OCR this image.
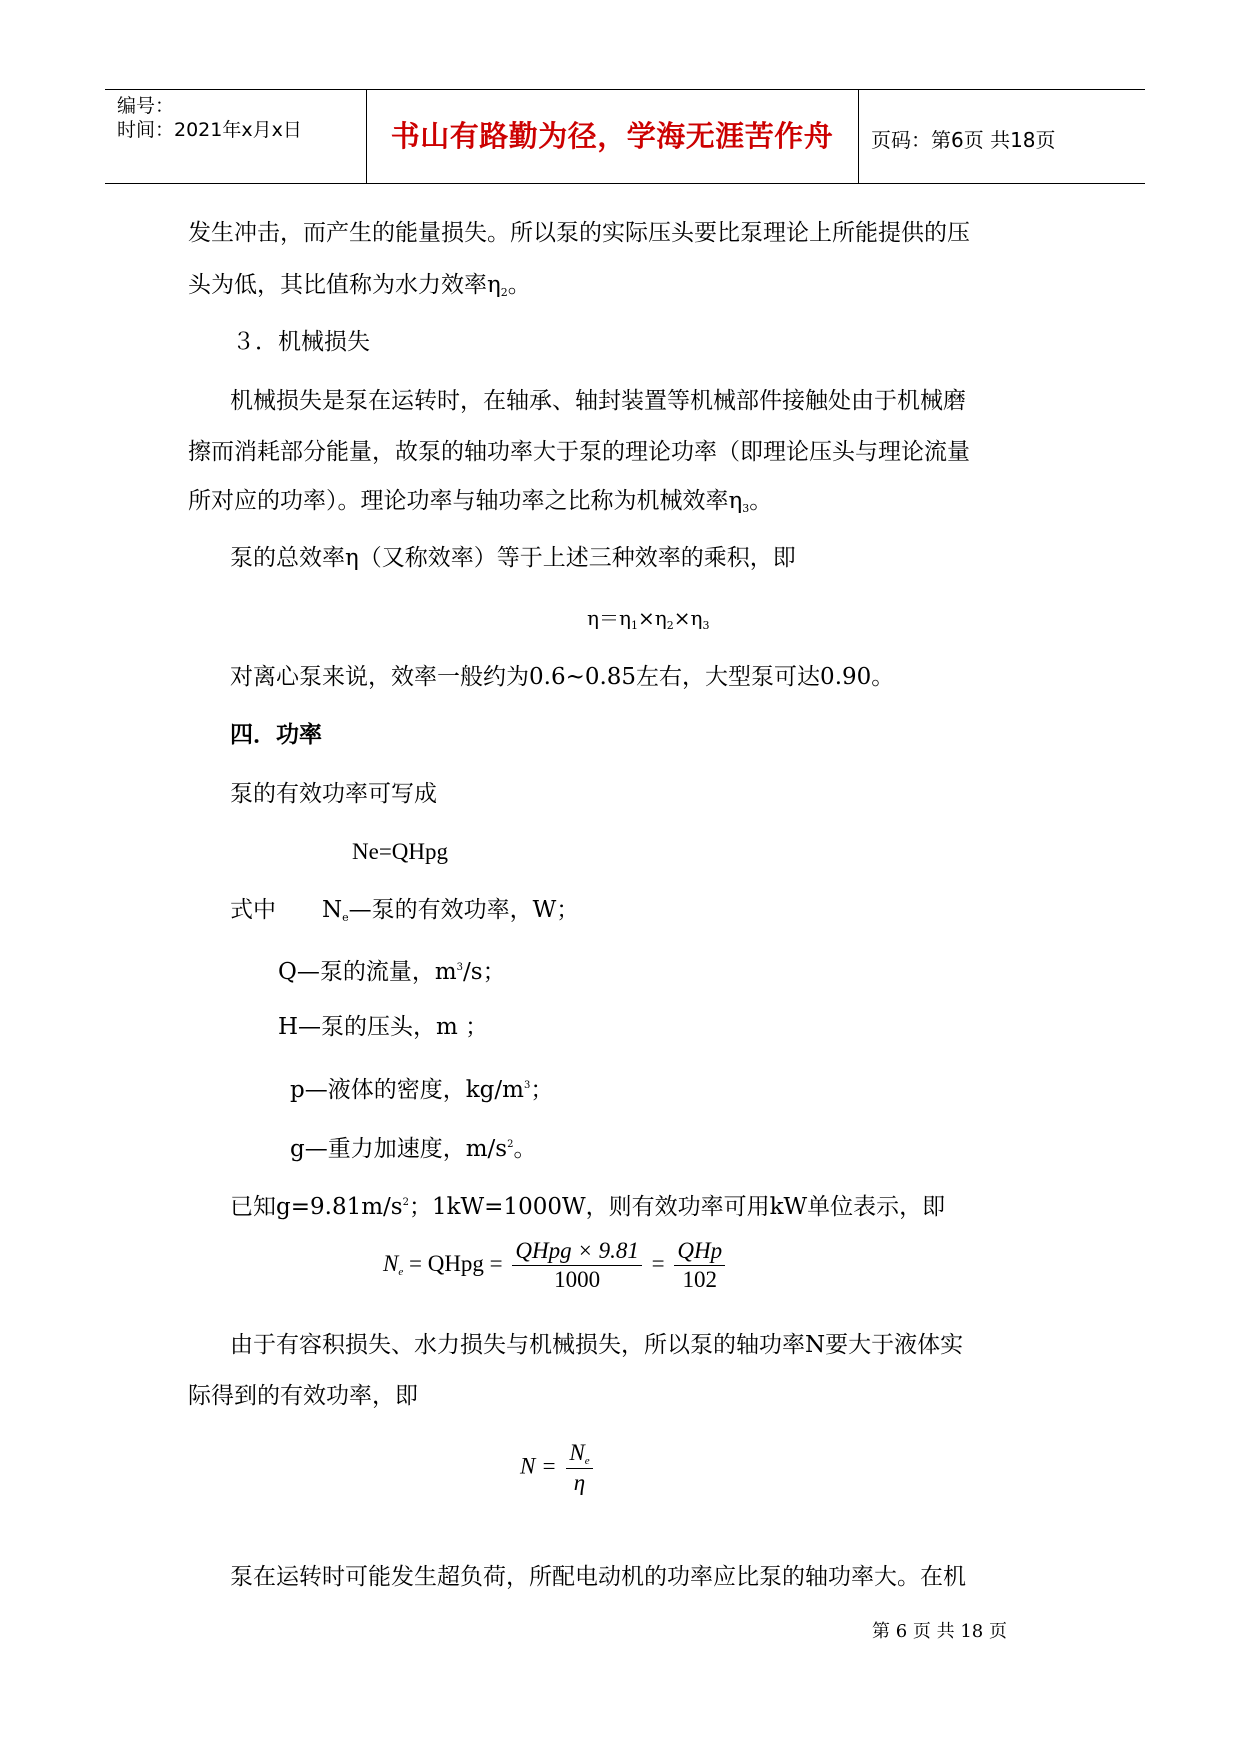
编号：
时间：2021年x月x日	书山有路勤为径，学海无涯苦作舟	页码：第6页 共18页
发生冲击，而产生的能量损失。所以泵的实际压头要比泵理论上所能提供的压
头为低，其比值称为水力效率$\eta_2$。
３．机械损失
机械损失是泵在运转时，在轴承、轴封装置等机械部件接触处由于机械磨
擦而消耗部分能量，故泵的轴功率大于泵的理论功率（即理论压头与理论流量
所对应的功率）。理论功率与轴功率之比称为机械效率$\eta_3$。
泵的总效率η（又称效率）等于上述三种效率的乘积，即
$\eta=\eta_1\times\eta_2\times\eta_3$
对离心泵来说，效率一般约为0.6~0.85左右，大型泵可达0.90。
四．功率
泵的有效功率可写成
Ne=QHpg
式中　　$N_e—$泵的有效功率，W；
Q—泵的流量，$m^3/s$；
H—泵的压头，m ；
p—液体的密度，$kg/m^3$；
g—重力加速度，$m/s^2$。
已知$g=9.81m/s^2$；1kW=1000W，则有效功率可用kW单位表示，即
$N_e$ = QHpg = $\frac{\text{QHpg × 9.81}}{1000} = \frac{\text{QHp}}{102}$
由于有容积损失、水力损失与机械损失，所以泵的轴功率N要大于液体实
际得到的有效功率，即
$N = \frac{N_e}{\eta}$
泵在运转时可能发生超负荷，所配电动机的功率应比泵的轴功率大。在机
第 6 页 共 18 页
